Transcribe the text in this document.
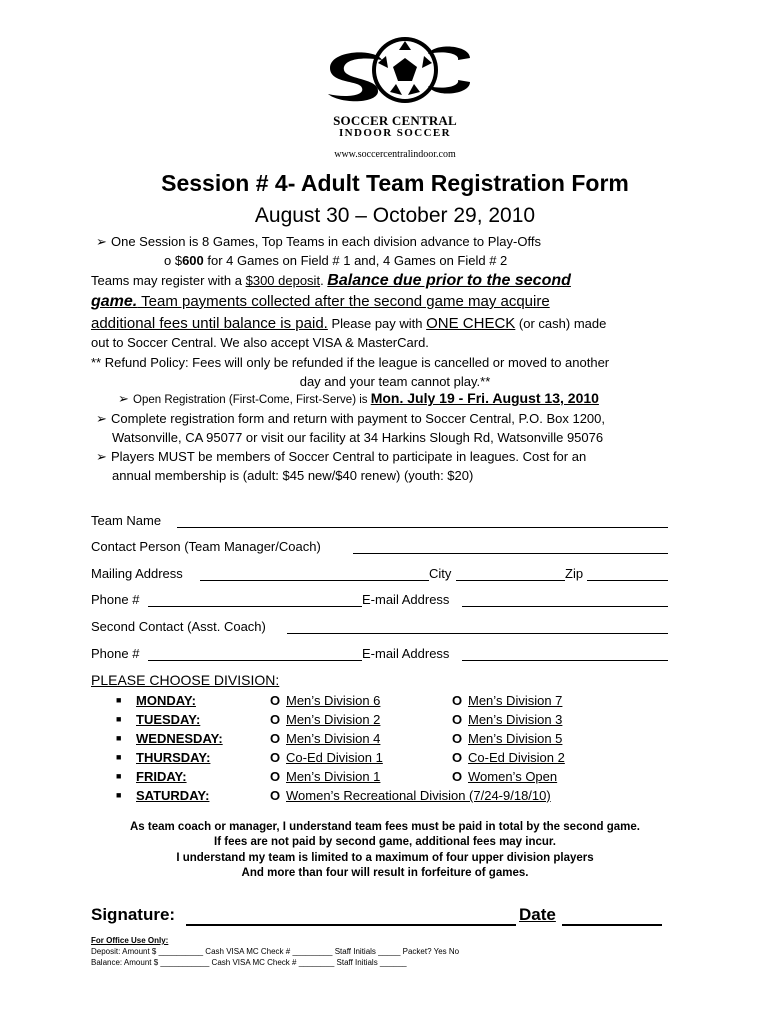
SOCCER CENTRAL
INDOOR SOCCER
www.soccercentralindoor.com
Session # 4- Adult Team Registration Form
August 30 – October 29, 2010
➢ One Session is 8 Games, Top Teams in each division advance to Play-Offs
o $600 for 4 Games on Field # 1 and, 4 Games on Field # 2
Teams may register with a $300 deposit. Balance due prior to the second
game. Team payments collected after the second game may acquire
additional fees until balance is paid. Please pay with ONE CHECK (or cash) made
out to Soccer Central. We also accept VISA & MasterCard.
** Refund Policy: Fees will only be refunded if the league is cancelled or moved to another
day and your team cannot play.**
➢ Open Registration (First-Come, First-Serve) is Mon. July 19 - Fri. August 13, 2010
➢ Complete registration form and return with payment to Soccer Central, P.O. Box 1200,
Watsonville, CA 95077 or visit our facility at 34 Harkins Slough Rd, Watsonville 95076
➢ Players MUST be members of Soccer Central to participate in leagues. Cost for an
annual membership is (adult: $45 new/$40 renew) (youth: $20)
Team Name
Contact Person (Team Manager/Coach)
Mailing Address	City	Zip
Phone #	E-mail Address
Second Contact (Asst. Coach)
Phone #	E-mail Address
PLEASE CHOOSE DIVISION:
■	MONDAY:	O Men’s Division 6	O Men’s Division 7
■	TUESDAY:	O Men’s Division 2	O Men’s Division 3
■	WEDNESDAY:	O Men’s Division 4	O Men’s Division 5
■	THURSDAY:	O Co-Ed Division 1	O Co-Ed Division 2
■	FRIDAY:	O Men’s Division 1	O Women’s Open
■	SATURDAY:	O Women’s Recreational Division (7/24-9/18/10)
As team coach or manager, I understand team fees must be paid in total by the second game.
If fees are not paid by second game, additional fees may incur.
I understand my team is limited to a maximum of four upper division players
And more than four will result in forfeiture of games.
Signature:	Date
For Office Use Only:
Deposit: Amount $ __________ Cash VISA MC Check # _________ Staff Initials _____ Packet? Yes No
Balance: Amount $ ___________ Cash VISA MC Check # ________ Staff Initials ______
